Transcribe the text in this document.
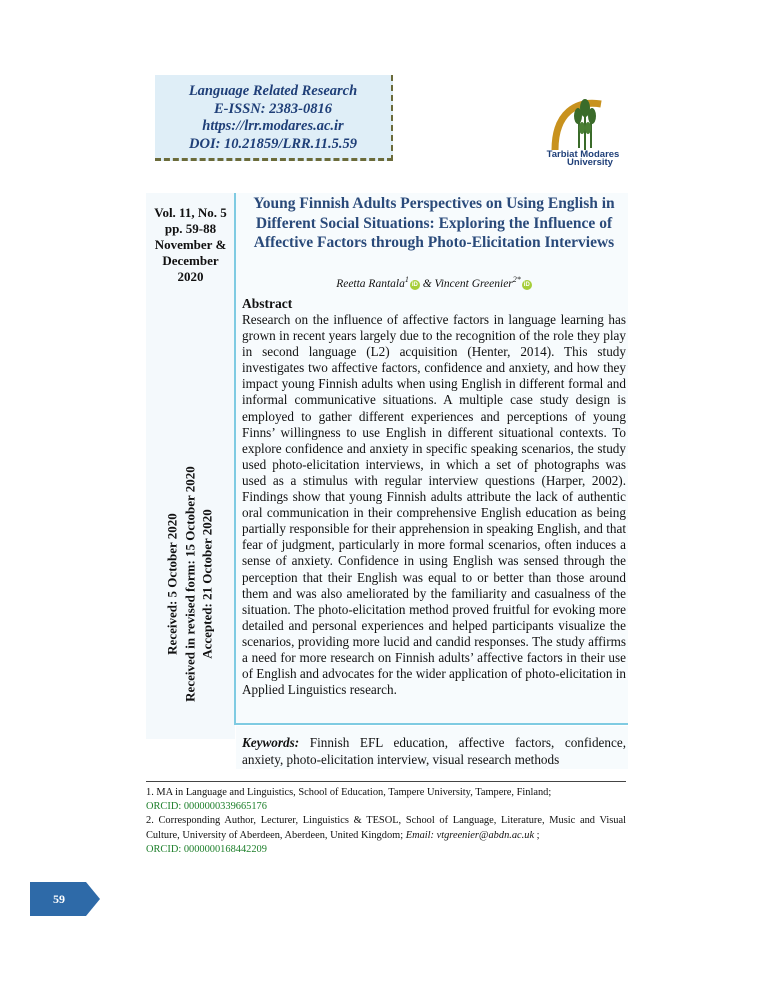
Language Related Research
E-ISSN: 2383-0816
https://lrr.modares.ac.ir
DOI: 10.21859/LRR.11.5.59
Tarbiat Modares
University
Vol. 11, No. 5
pp. 59-88
November &
December
2020
Received: 5 October 2020 Received in revised form: 15 October 2020 Accepted: 21 October 2020
Young Finnish Adults Perspectives on Using English in Different Social Situations: Exploring the Influence of Affective Factors through Photo-Elicitation Interviews
Reetta Rantala$^1$iD & Vincent Greenier$^{2*}$iD
Abstract
Research on the influence of affective factors in language learning has grown in recent years largely due to the recognition of the role they play in second language (L2) acquisition (Henter, 2014). This study investigates two affective factors, confidence and anxiety, and how they impact young Finnish adults when using English in different formal and informal communicative situations. A multiple case study design is employed to gather different experiences and perceptions of young Finns’ willingness to use English in different situational contexts. To explore confidence and anxiety in specific speaking scenarios, the study used photo-elicitation interviews, in which a set of photographs was used as a stimulus with regular interview questions (Harper, 2002). Findings show that young Finnish adults attribute the lack of authentic oral communication in their comprehensive English education as being partially responsible for their apprehension in speaking English, and that fear of judgment, particularly in more formal scenarios, often induces a sense of anxiety. Confidence in using English was sensed through the perception that their English was equal to or better than those around them and was also ameliorated by the familiarity and casualness of the situation. The photo-elicitation method proved fruitful for evoking more detailed and personal experiences and helped participants visualize the scenarios, providing more lucid and candid responses. The study affirms a need for more research on Finnish adults’ affective factors in their use of English and advocates for the wider application of photo-elicitation in Applied Linguistics research.
Keywords: Finnish EFL education, affective factors, confidence, anxiety, photo-elicitation interview, visual research methods
1. MA in Language and Linguistics, School of Education, Tampere University, Tampere, Finland;
ORCID: 0000000339665176
2. Corresponding Author, Lecturer, Linguistics & TESOL, School of Language, Literature, Music and Visual Culture, University of Aberdeen, Aberdeen, United Kingdom; Email: vtgreenier@abdn.ac.uk ;
ORCID: 0000000168442209
59
